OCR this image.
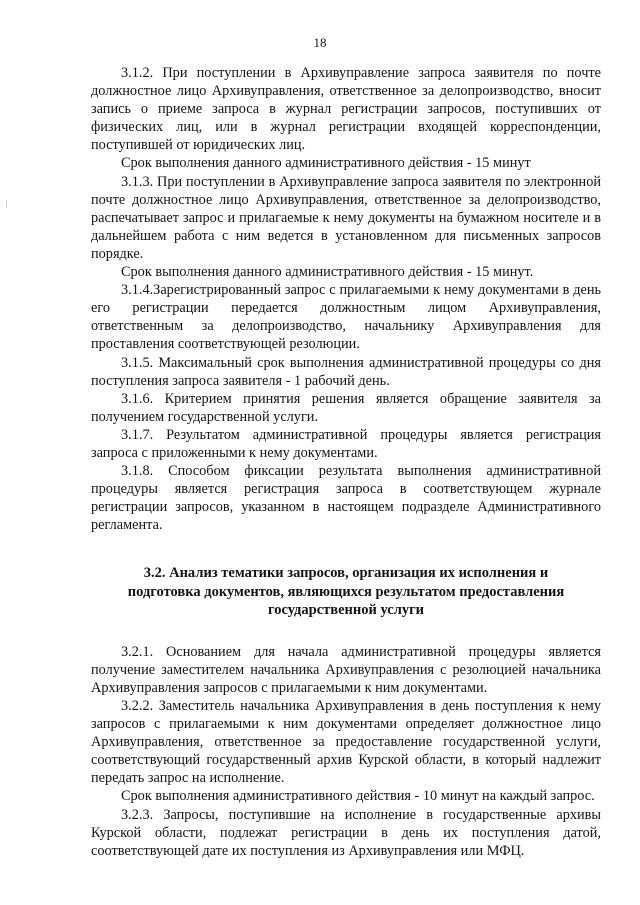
18

3.1.2. При поступлении в Архивуправление запроса заявителя по почте должностное лицо Архивуправления, ответственное за делопроизводство, вносит запись о приеме запроса в журнал регистрации запросов, поступивших от физических лиц, или в журнал регистрации входящей корреспонденции, поступившей от юридических лиц.

Срок выполнения данного административного действия - 15 минут

3.1.3. При поступлении в Архивуправление запроса заявителя по электронной почте должностное лицо Архивуправления, ответственное за делопроизводство, распечатывает запрос и прилагаемые к нему документы на бумажном носителе и в дальнейшем работа с ним ведется в установленном для письменных запросов порядке.

Срок выполнения данного административного действия - 15 минут.

3.1.4.Зарегистрированный запрос с прилагаемыми к нему документами в день его регистрации передается должностным лицом Архивуправления, ответственным за делопроизводство, начальнику Архивуправления для проставления соответствующей резолюции.

3.1.5. Максимальный срок выполнения административной процедуры со дня поступления запроса заявителя - 1 рабочий день.

3.1.6. Критерием принятия решения является обращение заявителя за получением государственной услуги.

3.1.7. Результатом административной процедуры является регистрация запроса с приложенными к нему документами.

3.1.8. Способом фиксации результата выполнения административной процедуры является регистрация запроса в соответствующем журнале регистрации запросов, указанном в настоящем подразделе Административного регламента.

3.2. Анализ тематики запросов, организация их исполнения и подготовка документов, являющихся результатом предоставления государственной услуги

3.2.1. Основанием для начала административной процедуры является получение заместителем начальника Архивуправления с резолюцией начальника Архивуправления запросов с прилагаемыми к ним документами.

3.2.2. Заместитель начальника Архивуправления в день поступления к нему запросов с прилагаемыми к ним документами определяет должностное лицо Архивуправления, ответственное за предоставление государственной услуги, соответствующий государственный архив Курской области, в который надлежит передать запрос на исполнение.

Срок выполнения административного действия - 10 минут на каждый запрос.

3.2.3. Запросы, поступившие на исполнение в государственные архивы Курской области, подлежат регистрации в день их поступления датой, соответствующей дате их поступления из Архивуправления или МФЦ.
